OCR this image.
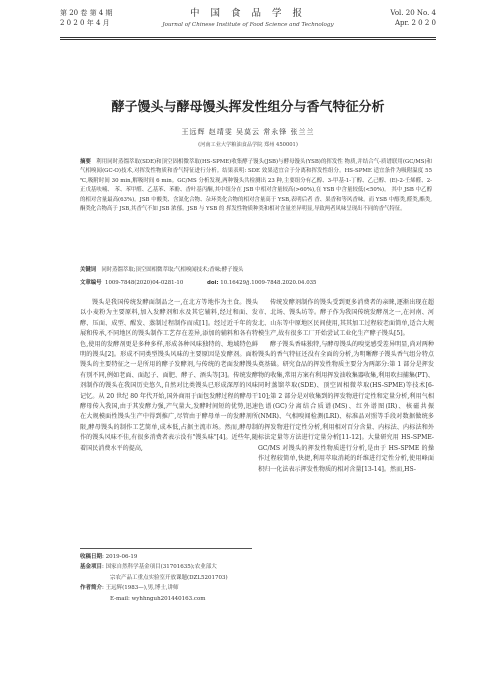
第 20 卷 第 4 期
2 0 2 0 年 4 月
中 国 食 品 学 报
Journal of Chinese Institute of Food Science and Technology
Vol. 20 No. 4
Apr. 2 0 2 0
酵子馒头与酵母馒头挥发性组分与香气特征分析
王远辉 赵靖雯 吴莫云 常永锋 张兰兰
(河南工业大学粮油食品学院 郑州 450001)
摘要 利用同时蒸馏萃取(SDE)和顶空固相微萃取(HS-SPME)收集酵子馒头(JSB)与酵母馒头(YSB)的挥发性 物质,并结合气-质谱联用(GC/MS)和气相嗅闻(GC-O)技术,对挥发性物质和香气特征进行分析。结果表明: SDE 效果适宜合于分离和挥发性组分。HS-SPME 适宜条件为吸附温度 55 ℃,吸附时间 30 min,解吸时间 6 min。GC/MS 分析发现,两种馒头共检测出 23 种,主要组分有乙醇、3-甲基-1-丁醇、乙己醇、(E)-2-壬烯醛、2-正戊基呋喃、 苯、苯甲醛、乙基苯、苯酚、香叶基丙酮,其中组分在 JSB 中相对含量较高(>60%),在 YSB 中含量较低(<50%)。 其中 JSB 中乙醇的相对含量最高(63%)。JSB 中酸类、含氮化合物、杂环类化合物的相对含量高于 YSB,表明后者 香、果香和等风香味。而 YSB 中醇类,醛类,酯类,酮类化合物高于 JSB,其香气不如 JSB 浓郁。JSB 与 YSB 的 挥发性物质种类和相对含量差异明显,导致两者风味呈现出不同的香气特征。
关键词 同时蒸馏萃取;顶空固相微萃取;气相嗅闻技术;香味;酵子馒头
文章编号 1009-7848(2020)04-0281-10	doi: 10.16429/j.1009-7848.2020.04.035

馒头是我国传统发酵面制品之一,在北方等地作为主食。馒头以小麦粉为主要原料,加入发酵剂和水及其它辅料,经过和面、发酵、压面、成型、醒发、蒸制过程制作而成[1]。经过近千年的发展和传承,不同地区的馒头制作工艺存在差异,添加的辅料和各有特色,使用的发酵剂更是多种多样,形成各种风味独特的、地域特色鲜明的馒头[2]。形成不同类型馒头风味的主要原因是发酵剂。面粉馒头的主要特征之一是所用的酵子发酵剂,与传统的老面发酵馒头有别不同,例如老面、面起子、面肥、酵子、酒头等[3]。传统发酵剂制作的馒头在我国历史悠久,自然对比类馒头已形成深厚的风味记忆。从 20 世纪 80 年代开始,国外商用于面包发酵过程的酵母干酵母传入我国,由于其发酵力强,产气量大,发酵时间短的优势,迅速在大规模面性馒头生产中得到推广,尽管由于酵母单一的发酵剂所限,酵母馒头的制作工艺简单,成本低,占据主流市场。然而,酵母制作的馒头风味不佳,有很多消费者表示没有"馒头味"[4]。近些年,随着国民消费水平的提高,

传统发酵剂制作的馒头受到更多消费者的亲睐,逐渐出现在超市、北场、馒头坊等。酵子作为我国传统发酵剂之一,在河南、河北、山东等中原地区民间使用,其其加工过程较老面简单,适合大规模生产,故有很多工厂开始尝试工业化生产酵子馒头[5]。

酵子馒头香味独特,与酵母馒头的嗅觉感受差异明显,尚对两种馒头的香气特征还没有全面的分析,为明晰酵子馒头香气组分特点奠基础。研究食品的挥发性物质主要分为两部分:第 1 部分是挥发物的收集,常用方案有利用挥发油收集器收集,利用吹扫捕集(PT)、同时蒸馏萃取(SDE)、顶空固相微萃取(HS-SPME)等技术[6-10];第 2 部分是对收集到的挥发物进行定性和定量分析,利用气相色谱(GC)分离结合质谱(MS)、红外谱图(IR)、核磁共振(NMR)、气相嗅闻检测(LRI)、标准品对照等手段对数据做统多的挥发物进行定性分析,利用相对百分含量、内标法、内标法和外标法定量等方法进行定量分析[11-12]。大量研究用 HS-SPME-GC/MS 对馒头的挥发性物质进行分析,是由于 HS-SPME 的操作过程较简单,快捷,利用萃取消耗的纤维进行定性分析,使用峰面积归一化法表示挥发性物质的相对含量[13-14]。然而,HS-

收稿日期: 2019-06-19
基金项目: 国家自然科学基金项目(31701635);农业部大
宗农产品工重点实验室开放课题(DZL5201703)
作者简介: 王远辉(1983—),男,博士,讲师
E-mail: wyhhnguh201440163.com
